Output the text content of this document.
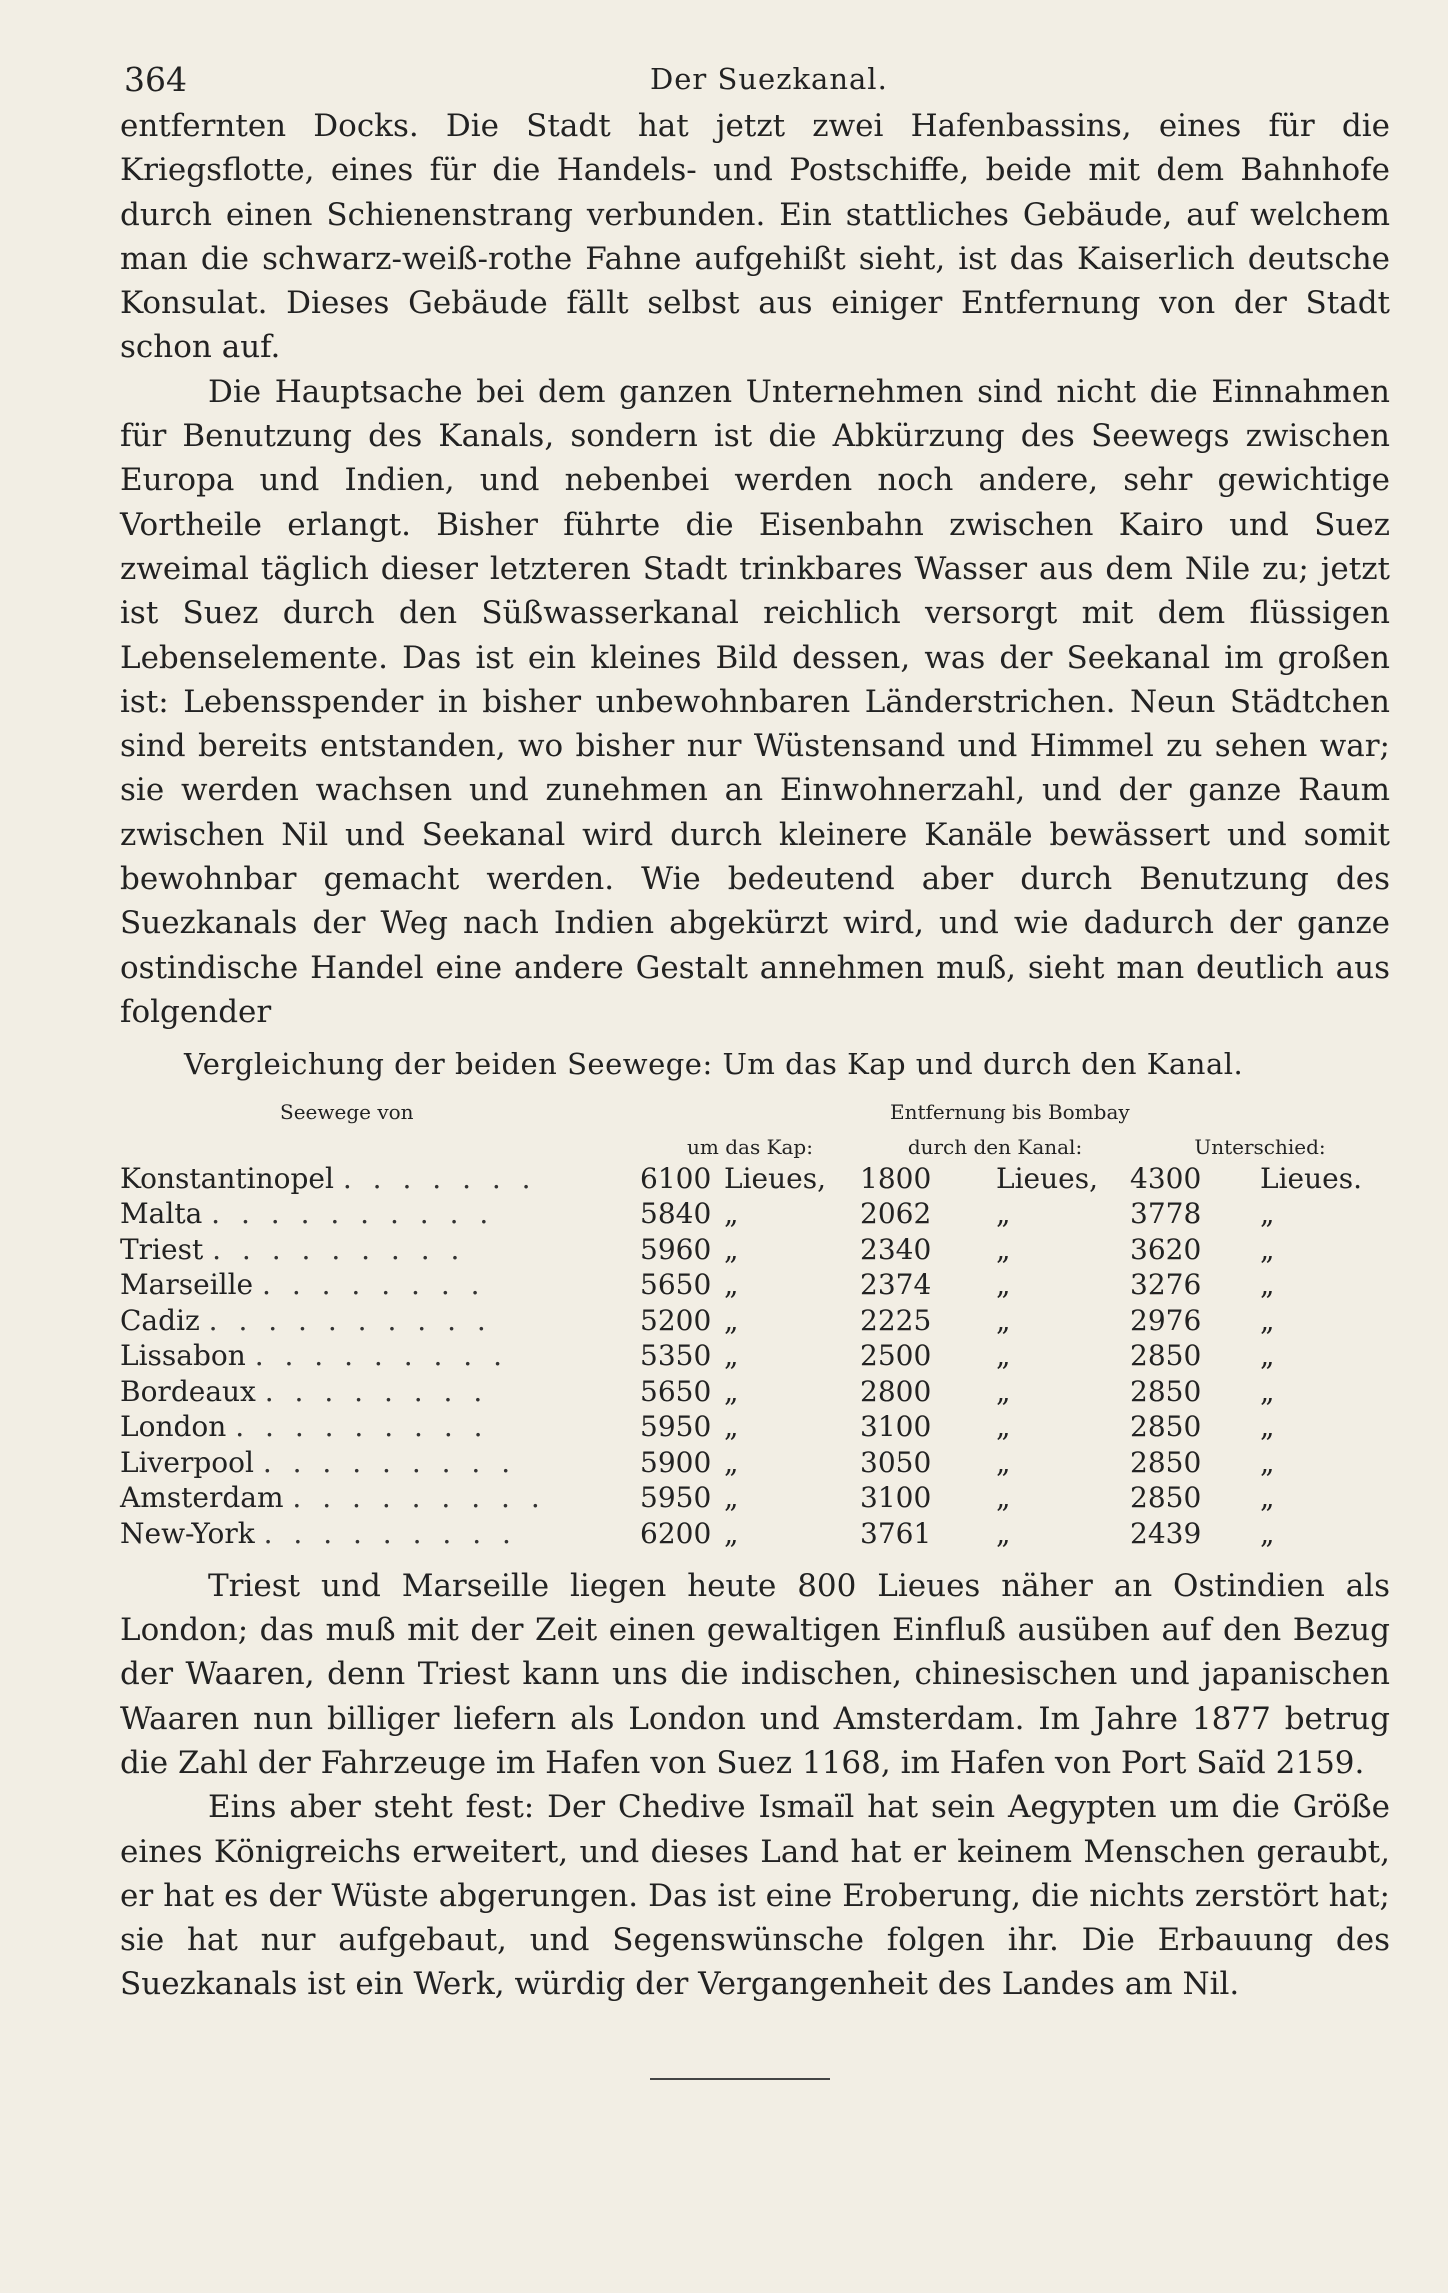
364	Der Suezkanal.

entfernten Docks. Die Stadt hat jetzt zwei Hafenbassins, eines für die Kriegsflotte, eines für die Handels- und Postschiffe, beide mit dem Bahnhofe durch einen Schienenstrang verbunden. Ein stattliches Gebäude, auf welchem man die schwarz-weiß-rothe Fahne aufgehißt sieht, ist das Kaiserlich deutsche Konsulat. Dieses Gebäude fällt selbst aus einiger Entfernung von der Stadt schon auf.

Die Hauptsache bei dem ganzen Unternehmen sind nicht die Einnahmen für Benutzung des Kanals, sondern ist die Abkürzung des Seewegs zwischen Europa und Indien, und nebenbei werden noch andere, sehr gewichtige Vortheile erlangt. Bisher führte die Eisenbahn zwischen Kairo und Suez zweimal täglich dieser letzteren Stadt trinkbares Wasser aus dem Nile zu; jetzt ist Suez durch den Süßwasserkanal reichlich versorgt mit dem flüssigen Lebenselemente. Das ist ein kleines Bild dessen, was der Seekanal im großen ist: Lebensspender in bisher unbewohnbaren Länderstrichen. Neun Städtchen sind bereits entstanden, wo bisher nur Wüstensand und Himmel zu sehen war; sie werden wachsen und zunehmen an Einwohnerzahl, und der ganze Raum zwischen Nil und Seekanal wird durch kleinere Kanäle bewässert und somit bewohnbar gemacht werden. Wie bedeutend aber durch Benutzung des Suezkanals der Weg nach Indien abgekürzt wird, und wie dadurch der ganze ostindische Handel eine andere Gestalt annehmen muß, sieht man deutlich aus folgender

Vergleichung der beiden Seewege: Um das Kap und durch den Kanal.
Seewege von			Entfernung bis Bombay			
	um das Kap:		durch den Kanal:		Unterschied:	
Konstantinopel . . . . . . .	6100	Lieues,	1800	Lieues,	4300	Lieues.
Malta . . . . . . . . . .	5840	„	2062	„	3778	„
Triest . . . . . . . . .	5960	„	2340	„	3620	„
Marseille . . . . . . . .	5650	„	2374	„	3276	„
Cadiz . . . . . . . . . .	5200	„	2225	„	2976	„
Lissabon . . . . . . . . .	5350	„	2500	„	2850	„
Bordeaux . . . . . . . .	5650	„	2800	„	2850	„
London . . . . . . . . .	5950	„	3100	„	2850	„
Liverpool . . . . . . . . .	5900	„	3050	„	2850	„
Amsterdam . . . . . . . . .	5950	„	3100	„	2850	„
New-York . . . . . . . . .	6200	„	3761	„	2439	„

Triest und Marseille liegen heute 800 Lieues näher an Ostindien als London; das muß mit der Zeit einen gewaltigen Einfluß ausüben auf den Bezug der Waaren, denn Triest kann uns die indischen, chinesischen und japanischen Waaren nun billiger liefern als London und Amsterdam. Im Jahre 1877 betrug die Zahl der Fahrzeuge im Hafen von Suez 1168, im Hafen von Port Saïd 2159.

Eins aber steht fest: Der Chedive Ismaïl hat sein Aegypten um die Größe eines Königreichs erweitert, und dieses Land hat er keinem Menschen geraubt, er hat es der Wüste abgerungen. Das ist eine Eroberung, die nichts zerstört hat; sie hat nur aufgebaut, und Segenswünsche folgen ihr. Die Erbauung des Suezkanals ist ein Werk, würdig der Vergangenheit des Landes am Nil.
